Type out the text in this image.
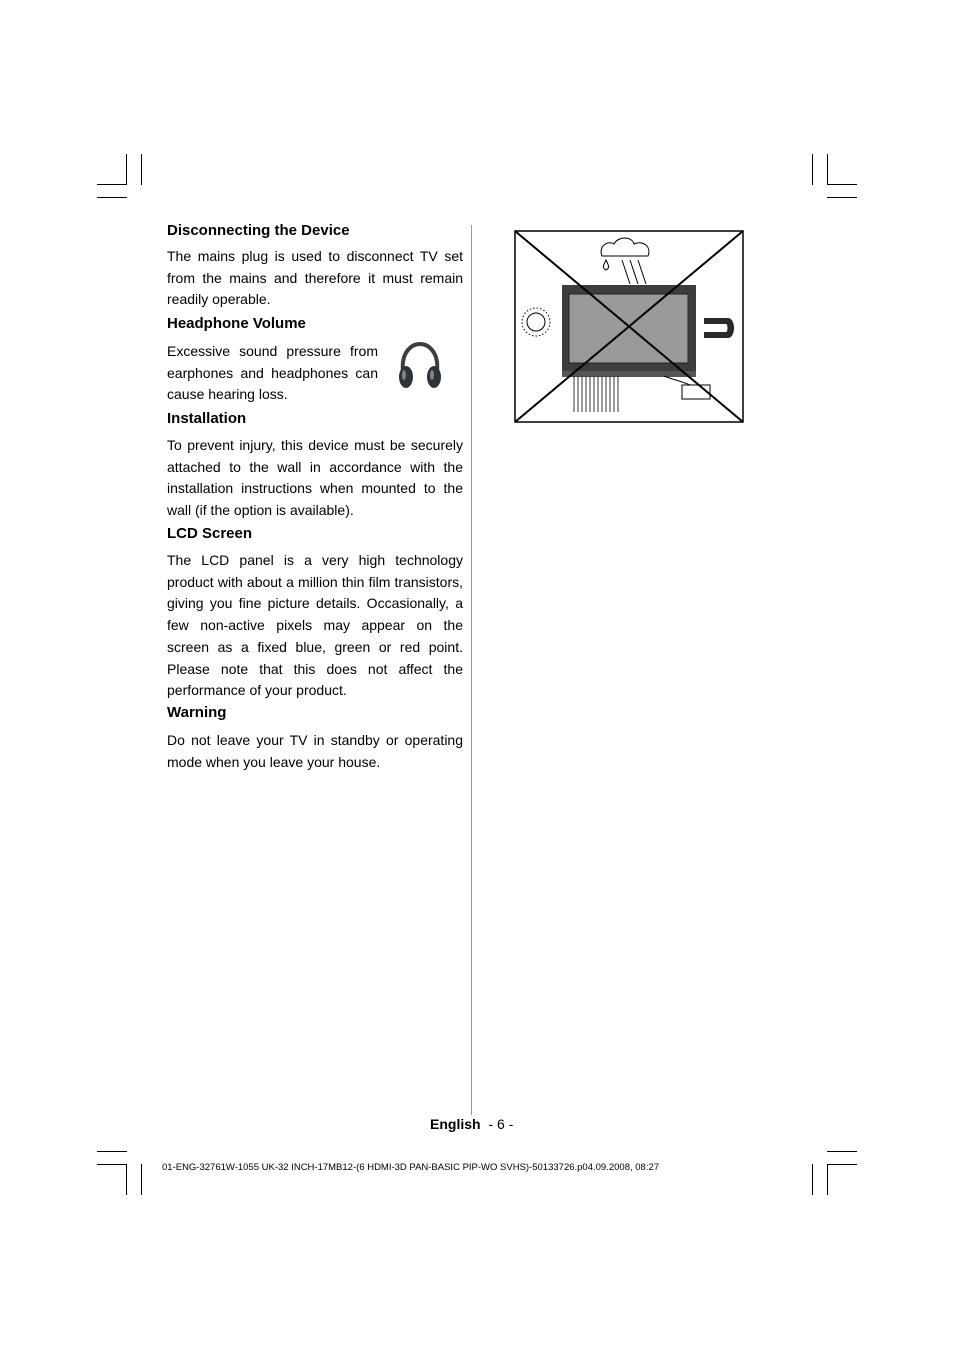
Disconnecting the Device

The mains plug is used to disconnect TV set from the mains and therefore it must remain readily operable.

Headphone Volume

Excessive sound pressure from earphones and headphones can cause hearing loss.

Installation

To prevent injury, this device must be securely attached to the wall in accordance with the installation instructions when mounted to the wall (if the option is available).

LCD Screen

The LCD panel is a very high technology product with about a million thin film transistors, giving you fine picture details. Occasionally, a few non-active pixels may appear on the screen as a fixed blue, green or red point. Please note that this does not affect the performance of your product.

Warning

Do not leave your TV in standby or operating mode when you leave your house.

English - 6 -
01-ENG-32761W-1055 UK-32 INCH-17MB12-(6 HDMI-3D PAN-BASIC PIP-WO SVHS)-50133726.p04.09.2008, 08:27
